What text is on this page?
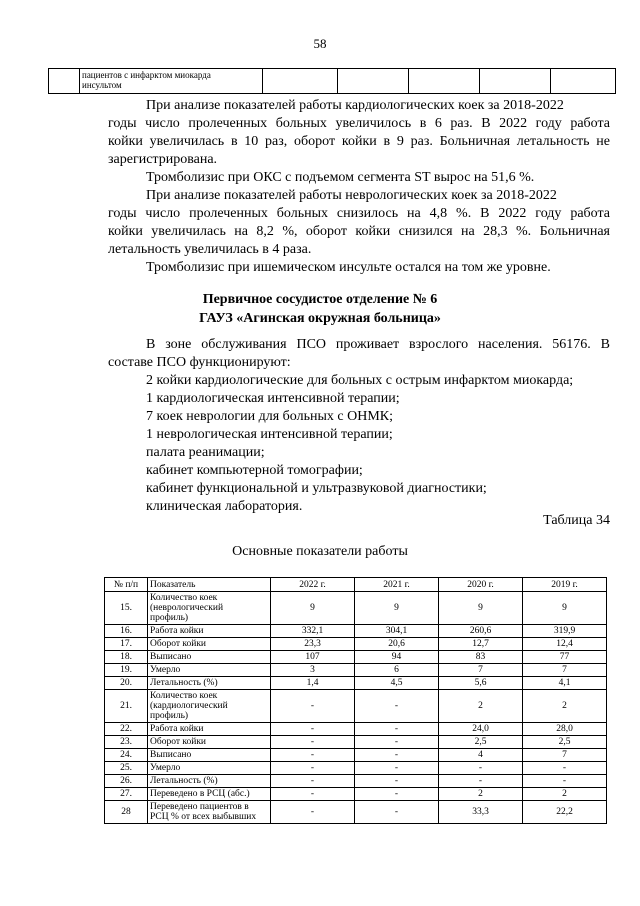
58

пациентов с инфарктом миокарда
инсультом

При анализе показателей работы кардиологических коек за 2018-2022
годы число пролеченных больных увеличилось в 6 раз. В 2022 году работа
койки увеличилась в 10 раз, оборот койки в 9 раз. Больничная летальность не
зарегистрирована.
Тромболизис при ОКС с подъемом сегмента ST вырос на 51,6 %.
При анализе показателей работы неврологических коек за 2018-2022
годы число пролеченных больных снизилось на 4,8 %. В 2022 году работа
койки увеличилась на 8,2 %, оборот койки снизился на 28,3 %. Больничная
летальность увеличилась в 4 раза.
Тромболизис при ишемическом инсульте остался на том же уровне.
Первичное сосудистое отделение № 6
ГАУЗ «Агинская окружная больница»
В зоне обслуживания ПСО проживает взрослого населения. 56176. В
составе ПСО функционируют:
2 койки кардиологические для больных с острым инфарктом миокарда;
1 кардиологическая интенсивной терапии;
7 коек неврологии для больных с ОНМК;
1 неврологическая интенсивной терапии;
палата реанимации;
кабинет компьютерной томографии;
кабинет функциональной и ультразвуковой диагностики;
клиническая лаборатория.
Таблица 34
Основные показатели работы
№ п/п	Показатель	2022 г.	2021 г.	2020 г.	2019 г.
15.	Количество коек
(неврологический
профиль)	9	9	9	9
16.	Работа койки	332,1	304,1	260,6	319,9
17.	Оборот койки	23,3	20,6	12,7	12,4
18.	Выписано	107	94	83	77
19.	Умерло	3	6	7	7
20.	Летальность (%)	1,4	4,5	5,6	4,1
21.	Количество коек
(кардиологический
профиль)	-	-	2	2
22.	Работа койки	-	-	24,0	28,0
23.	Оборот койки	-	-	2,5	2,5
24.	Выписано	-	-	4	7
25.	Умерло	-	-	-	-
26.	Летальность (%)	-	-	-	-
27.	Переведено в РСЦ (абс.)	-	-	2	2
28	Переведено пациентов в
РСЦ % от всех выбывших	-	-	33,3	22,2
